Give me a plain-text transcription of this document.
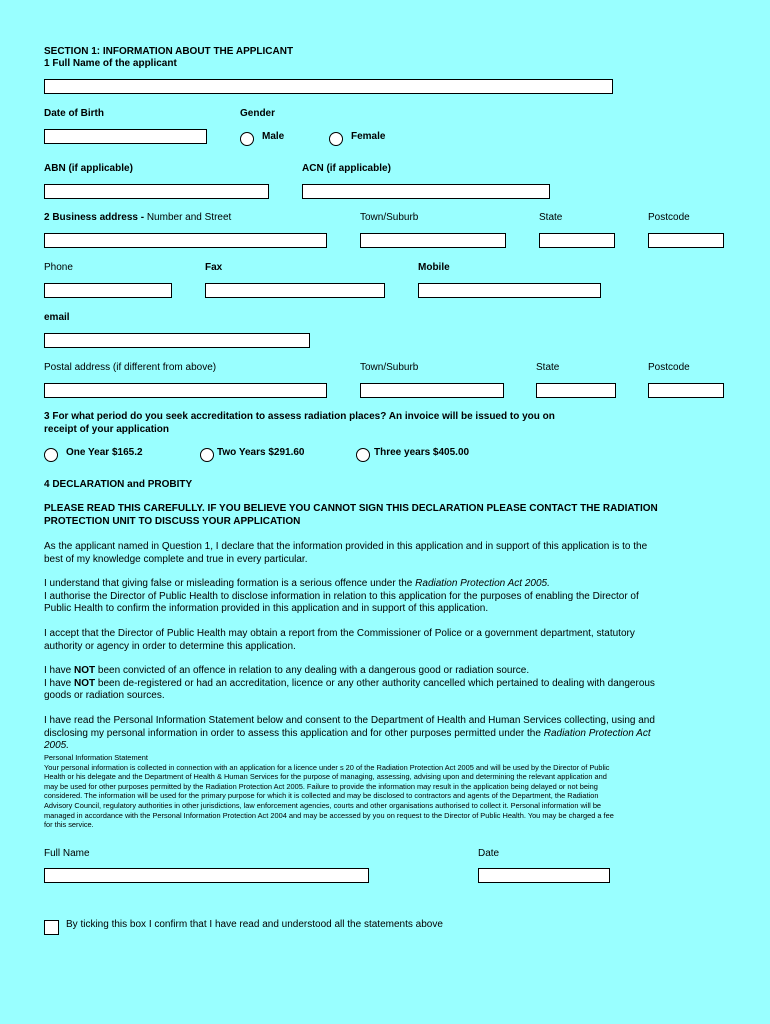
SECTION 1: INFORMATION ABOUT THE APPLICANT
1 Full Name of the applicant
Date of Birth	Gender
Male	Female
ABN (if applicable)	ACN (if applicable)
2 Business address - Number and Street	Town/Suburb	State	Postcode
Phone	Fax	Mobile
email
Postal address (if different from above)	Town/Suburb	State	Postcode
3 For what period do you seek accreditation to assess radiation places? An invoice will be issued to you on
receipt of your application
One Year $165.2	Two Years $291.60	Three years $405.00
4 DECLARATION and PROBITY
PLEASE READ THIS CAREFULLY. IF YOU BELIEVE YOU CANNOT SIGN THIS DECLARATION PLEASE CONTACT THE RADIATION
PROTECTION UNIT TO DISCUSS YOUR APPLICATION
As the applicant named in Question 1, I declare that the information provided in this application and in support of this application is to the
best of my knowledge complete and true in every particular.
I understand that giving false or misleading formation is a serious offence under the Radiation Protection Act 2005.
I authorise the Director of Public Health to disclose information in relation to this application for the purposes of enabling the Director of
Public Health to confirm the information provided in this application and in support of this application.
I accept that the Director of Public Health may obtain a report from the Commissioner of Police or a government department, statutory
authority or agency in order to determine this application.
I have NOT been convicted of an offence in relation to any dealing with a dangerous good or radiation source.
I have NOT been de-registered or had an accreditation, licence or any other authority cancelled which pertained to dealing with dangerous
goods or radiation sources.
I have read the Personal Information Statement below and consent to the Department of Health and Human Services collecting, using and
disclosing my personal information in order to assess this application and for other purposes permitted under the Radiation Protection Act
2005.
Personal Information Statement
Your personal information is collected in connection with an application for a licence under s 20 of the Radiation Protection Act 2005 and will be used by the Director of Public
Health or his delegate and the Department of Health & Human Services for the purpose of managing, assessing, advising upon and determining the relevant application and
may be used for other purposes permitted by the Radiation Protection Act 2005. Failure to provide the information may result in the application being delayed or not being
considered. The information will be used for the primary purpose for which it is collected and may be disclosed to contractors and agents of the Department, the Radiation
Advisory Council, regulatory authorities in other jurisdictions, law enforcement agencies, courts and other organisations authorised to collect it. Personal information will be
managed in accordance with the Personal Information Protection Act 2004 and may be accessed by you on request to the Director of Public Health. You may be charged a fee
for this service.
Full Name	Date
By ticking this box I confirm that I have read and understood all the statements above
